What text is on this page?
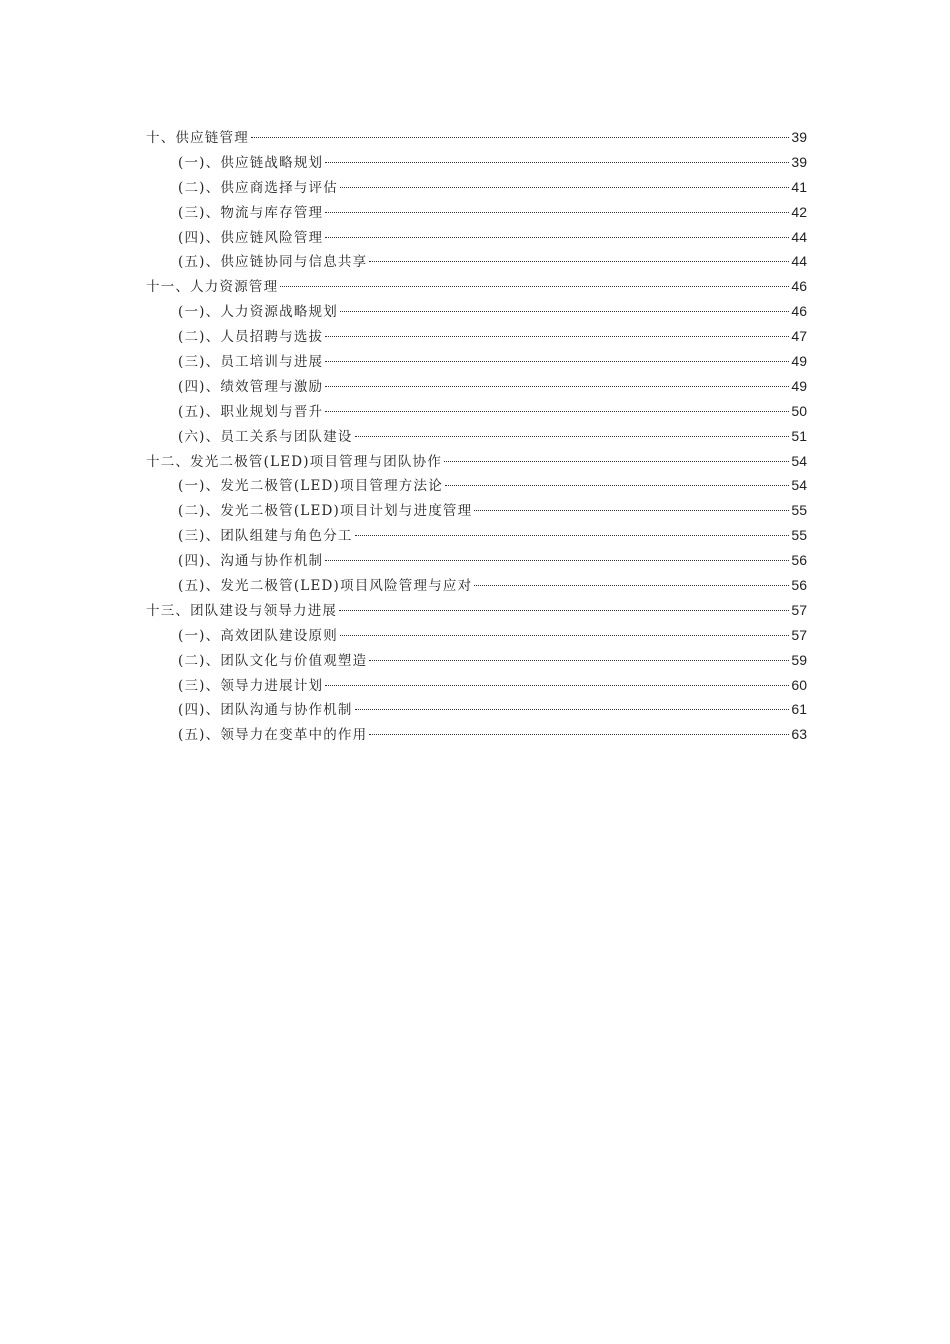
十、供应链管理	39
(一)、供应链战略规划	39
(二)、供应商选择与评估	41
(三)、物流与库存管理	42
(四)、供应链风险管理	44
(五)、供应链协同与信息共享	44
十一、人力资源管理	46
(一)、人力资源战略规划	46
(二)、人员招聘与选拔	47
(三)、员工培训与进展	49
(四)、绩效管理与激励	49
(五)、职业规划与晋升	50
(六)、员工关系与团队建设	51
十二、发光二极管(LED)项目管理与团队协作	54
(一)、发光二极管(LED)项目管理方法论	54
(二)、发光二极管(LED)项目计划与进度管理	55
(三)、团队组建与角色分工	55
(四)、沟通与协作机制	56
(五)、发光二极管(LED)项目风险管理与应对	56
十三、团队建设与领导力进展	57
(一)、高效团队建设原则	57
(二)、团队文化与价值观塑造	59
(三)、领导力进展计划	60
(四)、团队沟通与协作机制	61
(五)、领导力在变革中的作用	63
